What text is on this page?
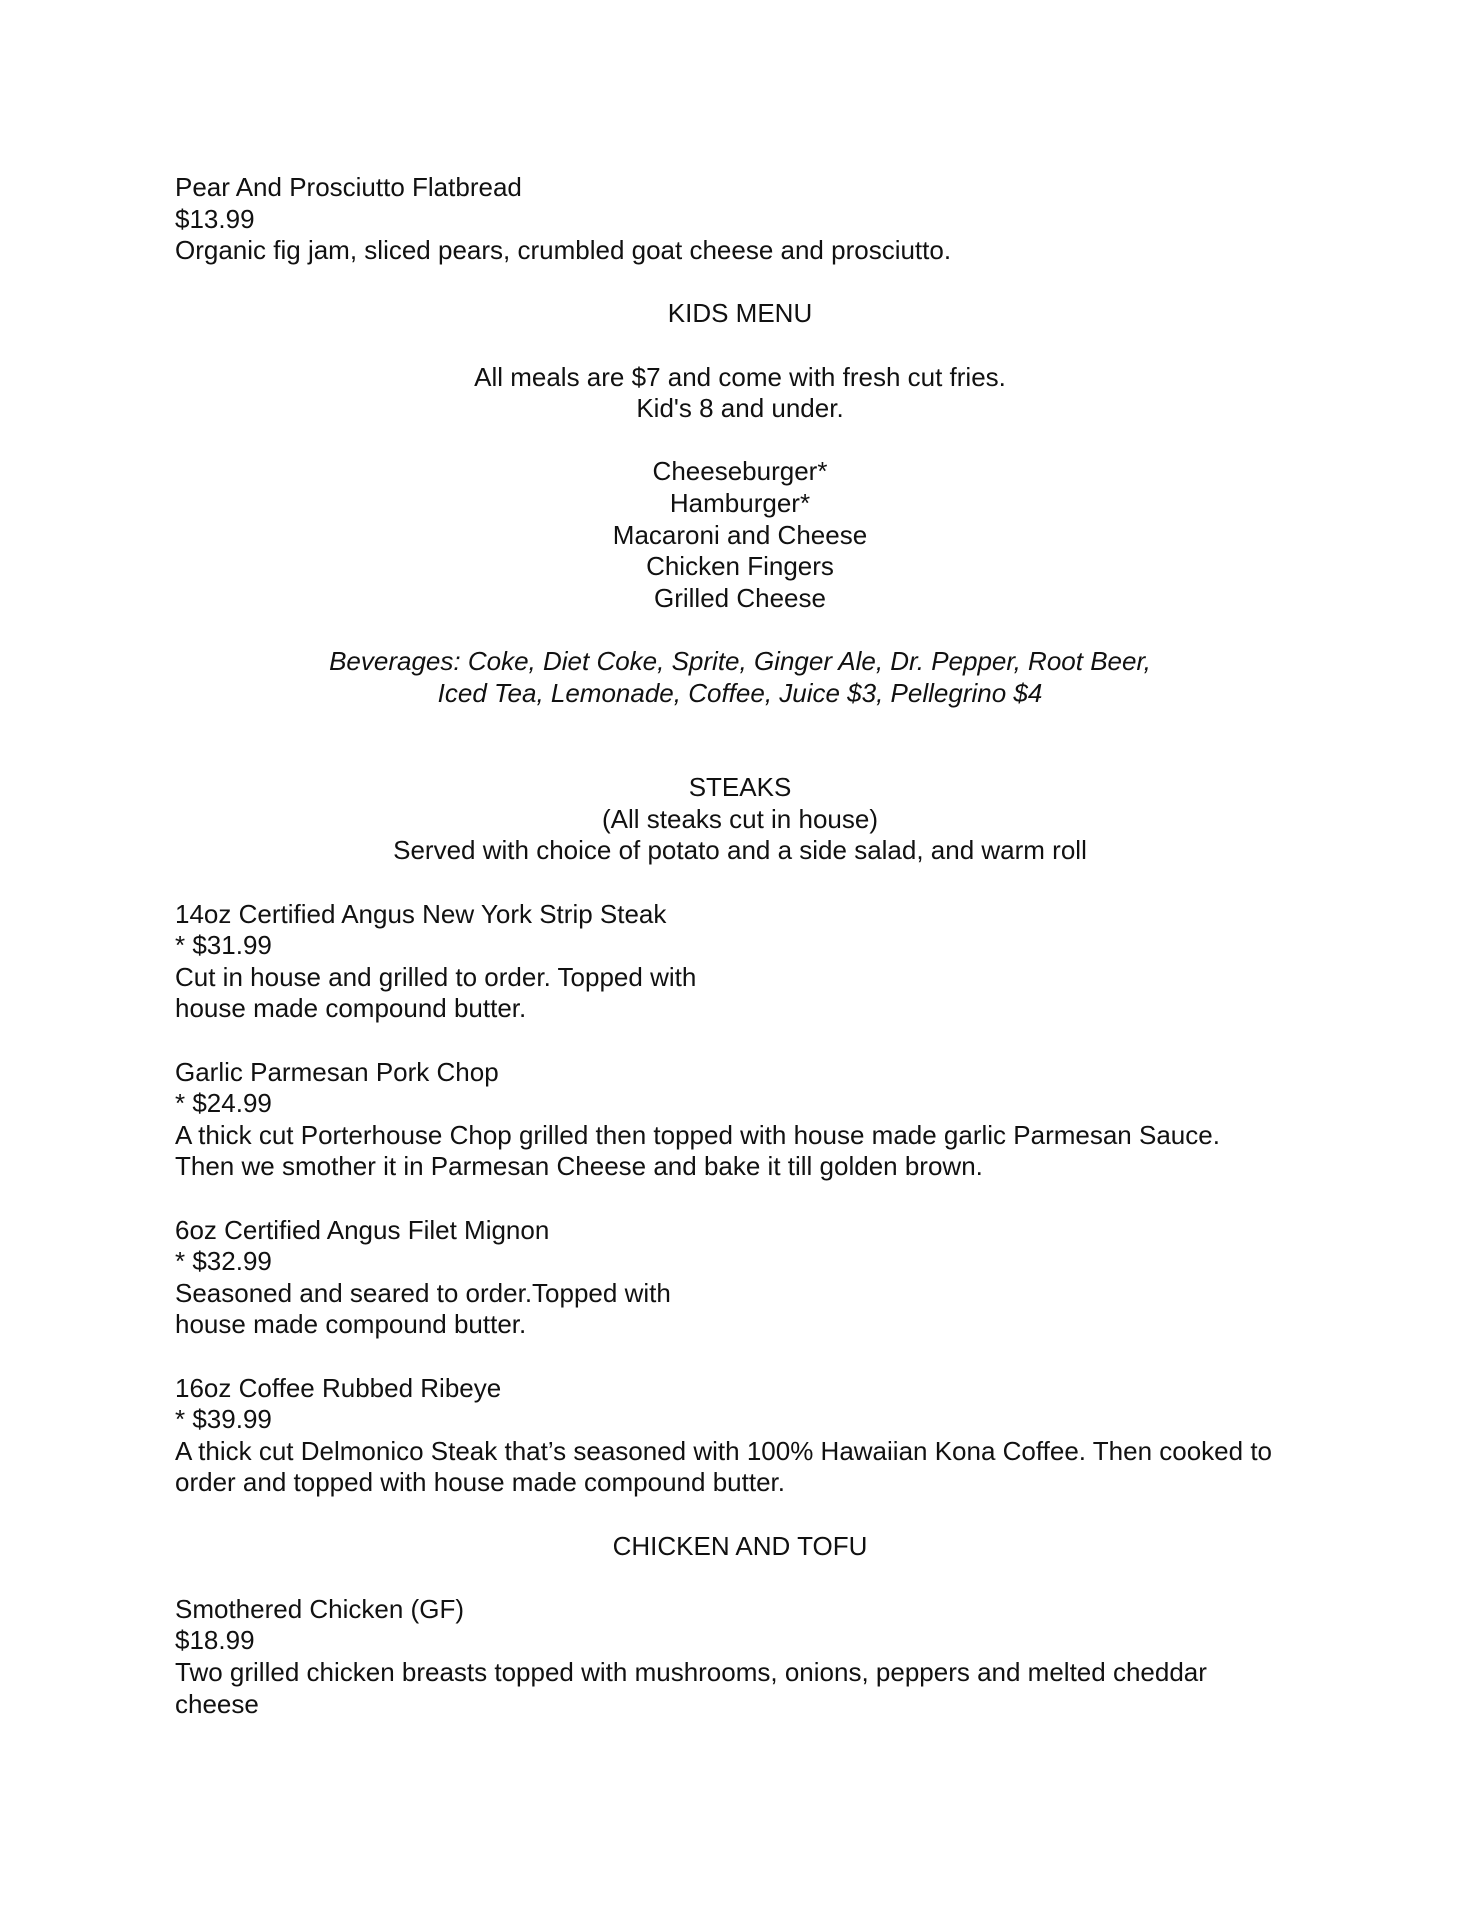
Pear And Prosciutto Flatbread
$13.99
Organic fig jam, sliced pears, crumbled goat cheese and prosciutto.
KIDS MENU
All meals are $7 and come with fresh cut fries.
Kid's 8 and under.
Cheeseburger*
Hamburger*
Macaroni and Cheese
Chicken Fingers
Grilled Cheese
Beverages: Coke, Diet Coke, Sprite, Ginger Ale, Dr. Pepper, Root Beer,
Iced Tea, Lemonade, Coffee, Juice $3, Pellegrino $4
STEAKS
(All steaks cut in house)
Served with choice of potato and a side salad, and warm roll
14oz Certified Angus New York Strip Steak
* $31.99
Cut in house and grilled to order. Topped with
house made compound butter.
Garlic Parmesan Pork Chop
* $24.99
A thick cut Porterhouse Chop grilled then topped with house made garlic Parmesan Sauce.
Then we smother it in Parmesan Cheese and bake it till golden brown.
6oz Certified Angus Filet Mignon
* $32.99
Seasoned and seared to order.Topped with
house made compound butter.
16oz Coffee Rubbed Ribeye
* $39.99
A thick cut Delmonico Steak that’s seasoned with 100% Hawaiian Kona Coffee. Then cooked to
order and topped with house made compound butter.
CHICKEN AND TOFU
Smothered Chicken (GF)
$18.99
Two grilled chicken breasts topped with mushrooms, onions, peppers and melted cheddar
cheese
